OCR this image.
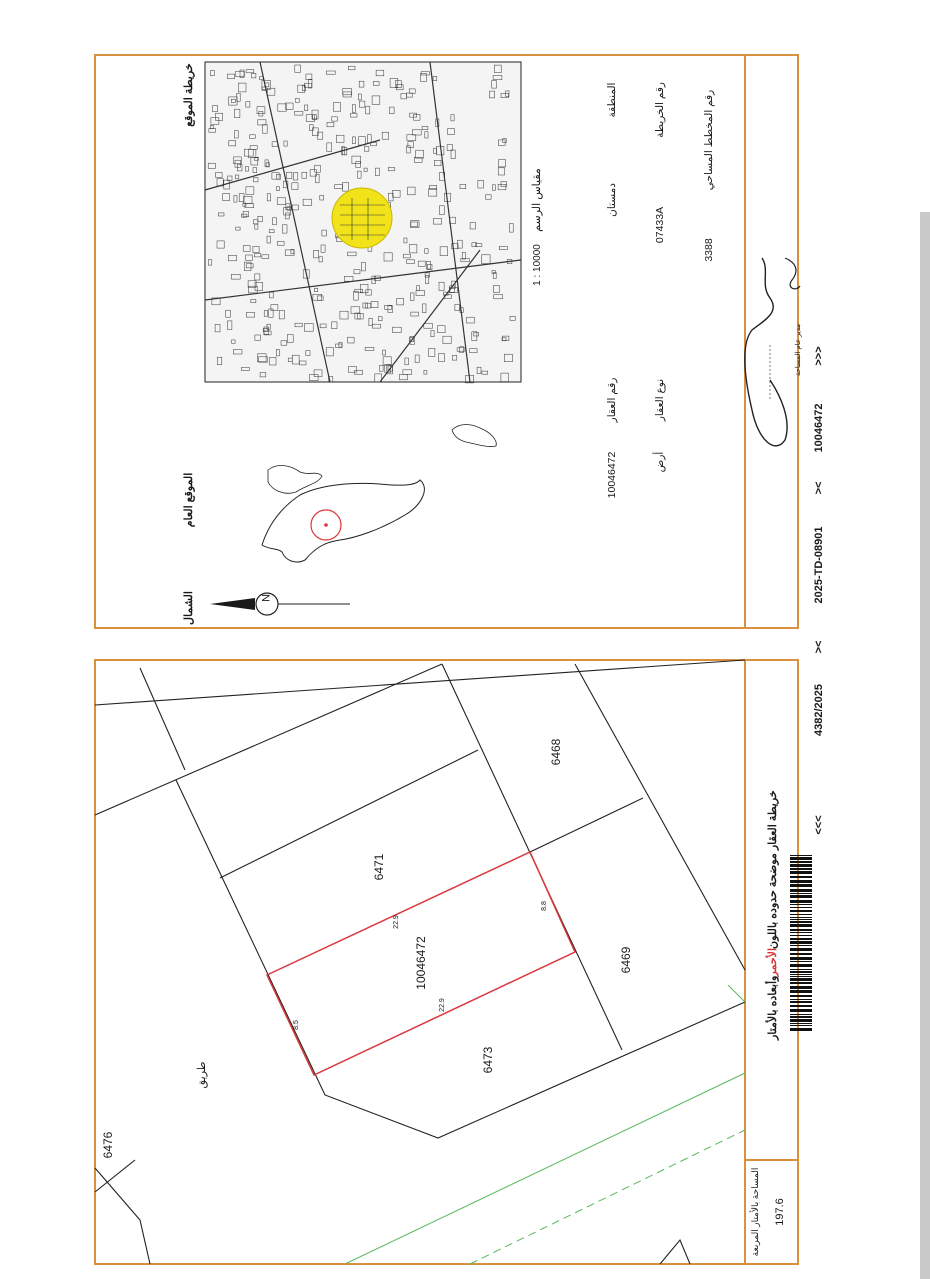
N
الشمال
الموقع العام
خريطة الموقع
مقياس الرسم
1 : 10000
المنطقة
دمستان
رقم الخريطة
07433A
رقم المخطط المساحي
3388
رقم العقار
10046472
نوع العقار
أرض
مدير عام المساحة
6471
6468
6469
6473
6476
10046472
طريق
22.9
22.9
8.5
8.8	خريطة العقار موضحة حدوده باللون الأحمر وأبعاده بالأمتار
المساحة بالأمتار المربعة 197.6
<<<
4382/2025
><
2025-TD-08901
><
10046472
>>>
